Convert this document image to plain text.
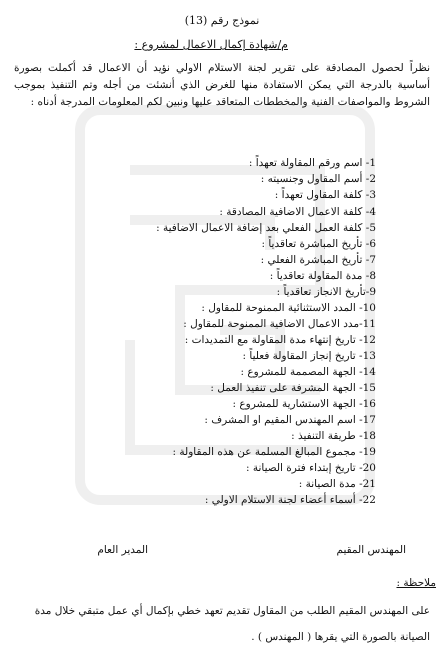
نموذج رقم (13)
م/شهادة إكمال الاعمال لمشروع :
نظراً لحصول المصادقة على تقرير لجنة الاستلام الاولي نؤيد أن الاعمال قد أكملت بصورة أساسية بالدرجة التي يمكن الاستفادة منها للغرض الذي أنشئت من أجله وتم التنفيذ بموجب الشروط والمواصفات الفنية والمخططات المتعاقد عليها ونبين لكم المعلومات المدرجة أدناه :
1- اسم ورقم المقاولة تعهداً :
2- أسم المقاول وجنسيته :
3- كلفة المقاول تعهداً :
4- كلفة الاعمال الاضافية المصادقة :
5- كلفة العمل الفعلي بعد إضافة الاعمال الاضافية :
6- تأريخ المباشرة تعاقدياً :
7- تأريخ المباشرة الفعلي :
8- مدة المقاولة تعاقدياً :
9-تأريخ الانجاز تعاقدياً :
10- المدد الاستثنائية الممنوحة للمقاول :
11-مدد الاعمال الاضافية الممنوحة للمقاول :
12- تاريخ إنتهاء مدة المقاولة مع التمديدات :
13- تاريخ إنجاز المقاولة فعلياً :
14- الجهة المصممة للمشروع :
15- الجهة المشرفة على تنفيذ العمل :
16- الجهة الاستشارية للمشروع :
17- اسم المهندس المقيم او المشرف :
18- طريقة التنفيذ :
19- مجموع المبالغ المسلمة عن هذه المقاولة :
20- تاريخ إبتداء فترة الصيانة :
21- مدة الصيانة :
22- أسماء أعضاء لجنة الاستلام الاولي :
المهندس المقيم
المدير العام
ملاحظة :
على المهندس المقيم الطلب من المقاول تقديم تعهد خطي بإكمال أي عمل متبقي خلال مدة الصيانة بالصورة التي يقرها ( المهندس ) .
